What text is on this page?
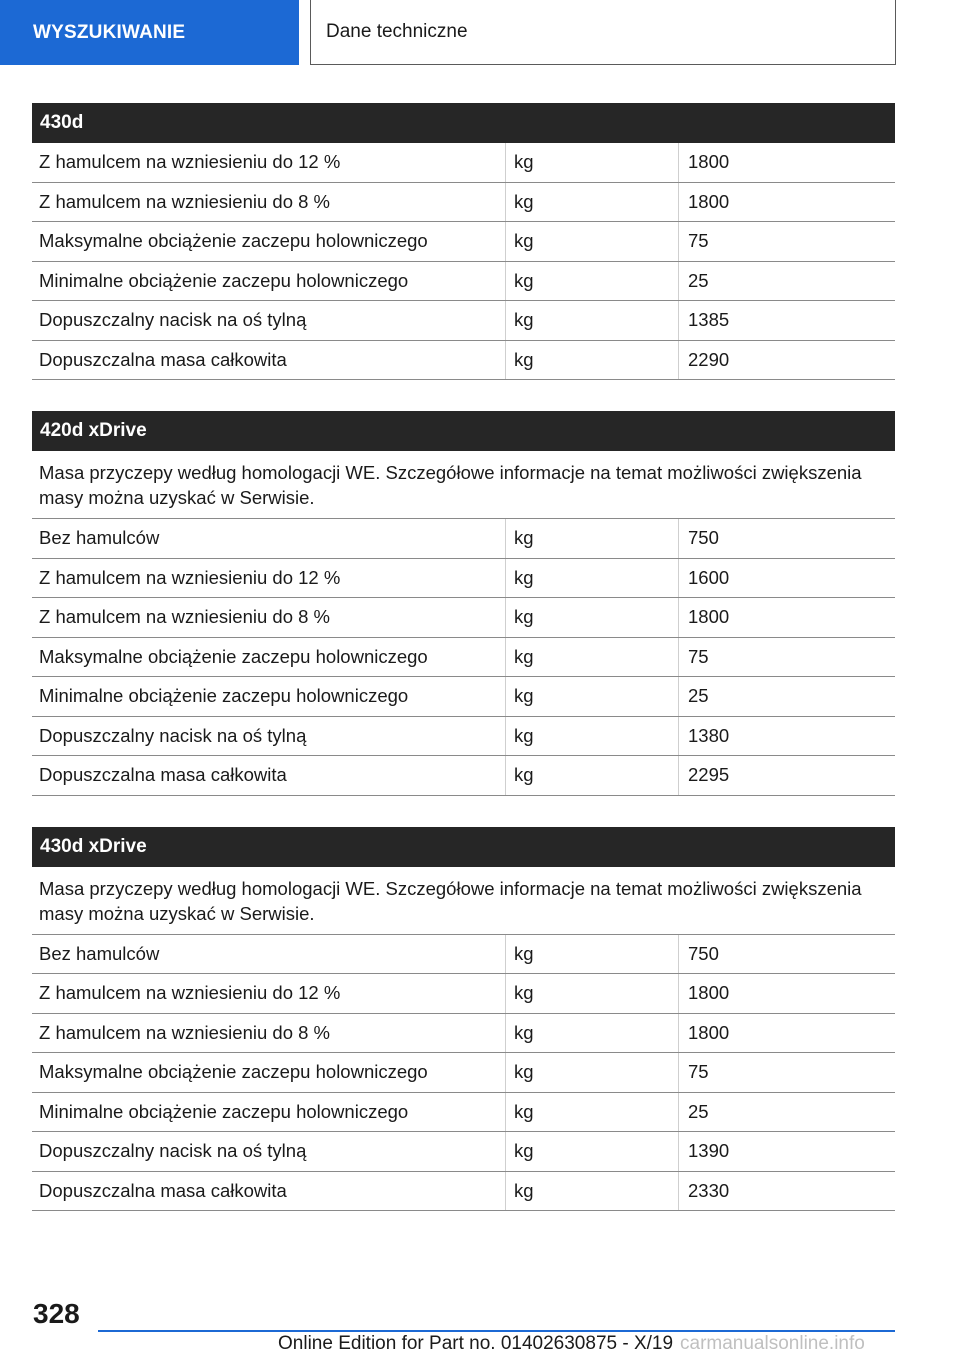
WYSZUKIWANIE	Dane techniczne
430d
Z hamulcem na wzniesieniu do 12 %	kg	1800
Z hamulcem na wzniesieniu do 8 %	kg	1800
Maksymalne obciążenie zaczepu holowniczego	kg	75
Minimalne obciążenie zaczepu holowniczego	kg	25
Dopuszczalny nacisk na oś tylną	kg	1385
Dopuszczalna masa całkowita	kg	2290
420d xDrive
Masa przyczepy według homologacji WE. Szczegółowe informacje na temat możliwości zwiększenia masy można uzyskać w Serwisie.
Bez hamulców	kg	750
Z hamulcem na wzniesieniu do 12 %	kg	1600
Z hamulcem na wzniesieniu do 8 %	kg	1800
Maksymalne obciążenie zaczepu holowniczego	kg	75
Minimalne obciążenie zaczepu holowniczego	kg	25
Dopuszczalny nacisk na oś tylną	kg	1380
Dopuszczalna masa całkowita	kg	2295
430d xDrive
Masa przyczepy według homologacji WE. Szczegółowe informacje na temat możliwości zwiększenia masy można uzyskać w Serwisie.
Bez hamulców	kg	750
Z hamulcem na wzniesieniu do 12 %	kg	1800
Z hamulcem na wzniesieniu do 8 %	kg	1800
Maksymalne obciążenie zaczepu holowniczego	kg	75
Minimalne obciążenie zaczepu holowniczego	kg	25
Dopuszczalny nacisk na oś tylną	kg	1390
Dopuszczalna masa całkowita	kg	2330
328
Online Edition for Part no. 01402630875 - X/19 carmanualsonline.info
